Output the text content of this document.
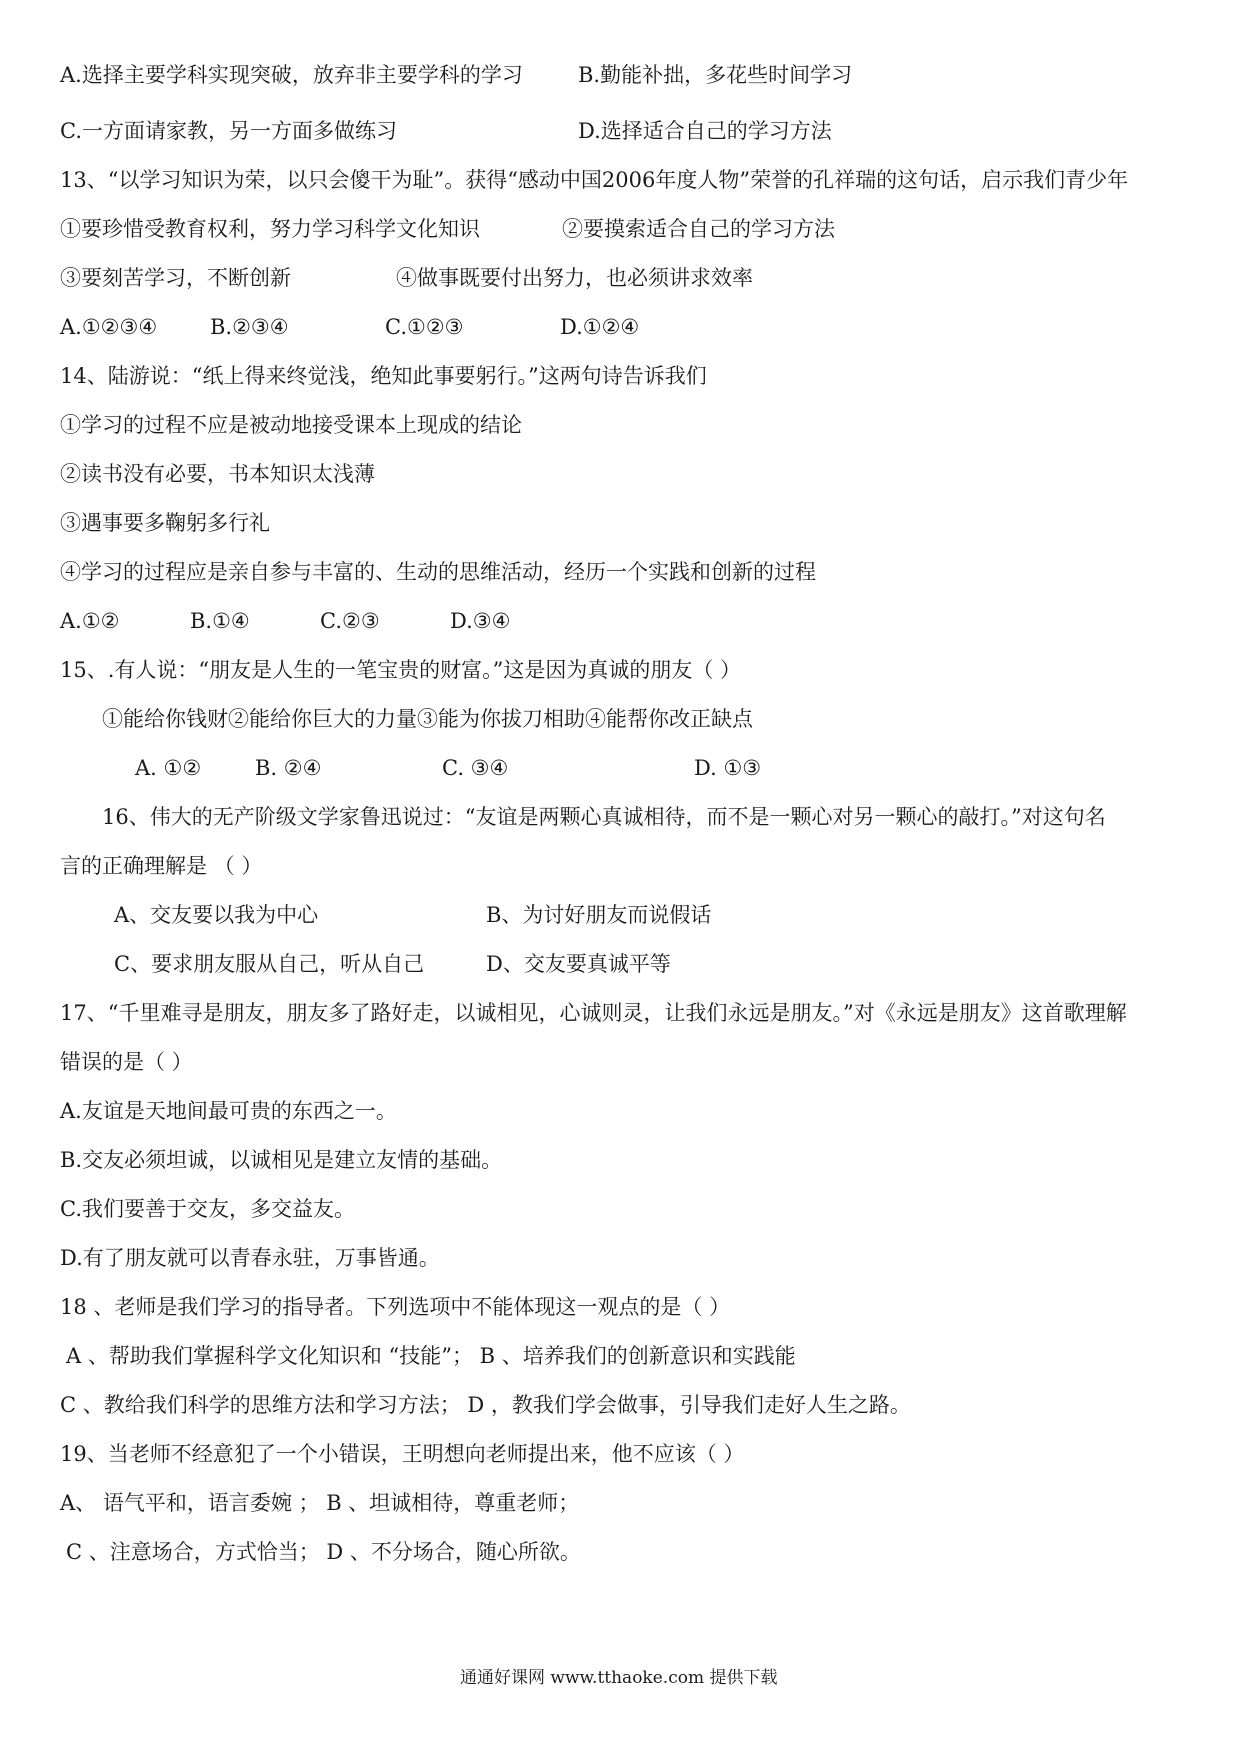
A.选择主要学科实现突破，放弃非主要学科的学习	B.勤能补拙，多花些时间学习
C.一方面请家教，另一方面多做练习	D.选择适合自己的学习方法
13、“以学习知识为荣，以只会傻干为耻”。获得“感动中国2006年度人物”荣誉的孔祥瑞的这句话，启示我们青少年
①要珍惜受教育权利，努力学习科学文化知识	②要摸索适合自己的学习方法
③要刻苦学习，不断创新	④做事既要付出努力，也必须讲求效率
A.①②③④	B.②③④	C.①②③	D.①②④
14、陆游说：“纸上得来终觉浅，绝知此事要躬行。”这两句诗告诉我们
①学习的过程不应是被动地接受课本上现成的结论
②读书没有必要，书本知识太浅薄
③遇事要多鞠躬多行礼
④学习的过程应是亲自参与丰富的、生动的思维活动，经历一个实践和创新的过程
A.①②	B.①④	C.②③	D.③④
15、.有人说：“朋友是人生的一笔宝贵的财富。”这是因为真诚的朋友（ ）
①能给你钱财②能给你巨大的力量③能为你拔刀相助④能帮你改正缺点
A. ①②	B. ②④	C. ③④	D. ①③
16、伟大的无产阶级文学家鲁迅说过：“友谊是两颗心真诚相待，而不是一颗心对另一颗心的敲打。”对这句名
言的正确理解是 （ ）
A、交友要以我为中心	B、为讨好朋友而说假话
C、要求朋友服从自己，听从自己	D、交友要真诚平等
17、“千里难寻是朋友，朋友多了路好走，以诚相见，心诚则灵，让我们永远是朋友。”对《永远是朋友》这首歌理解
错误的是（ ）
A.友谊是天地间最可贵的东西之一。
B.交友必须坦诚，以诚相见是建立友情的基础。
C.我们要善于交友，多交益友。
D.有了朋友就可以青春永驻，万事皆通。
18 、老师是我们学习的指导者。下列选项中不能体现这一观点的是（ ）
A 、帮助我们掌握科学文化知识和 “技能”； B 、培养我们的创新意识和实践能
C 、教给我们科学的思维方法和学习方法； D ，教我们学会做事，引导我们走好人生之路。
19、当老师不经意犯了一个小错误，王明想向老师提出来，他不应该（ ）
A、 语气平和，语言委婉 ； B 、坦诚相待，尊重老师；
C 、注意场合，方式恰当； D 、不分场合，随心所欲。
通通好课网 www.tthaoke.com 提供下载
